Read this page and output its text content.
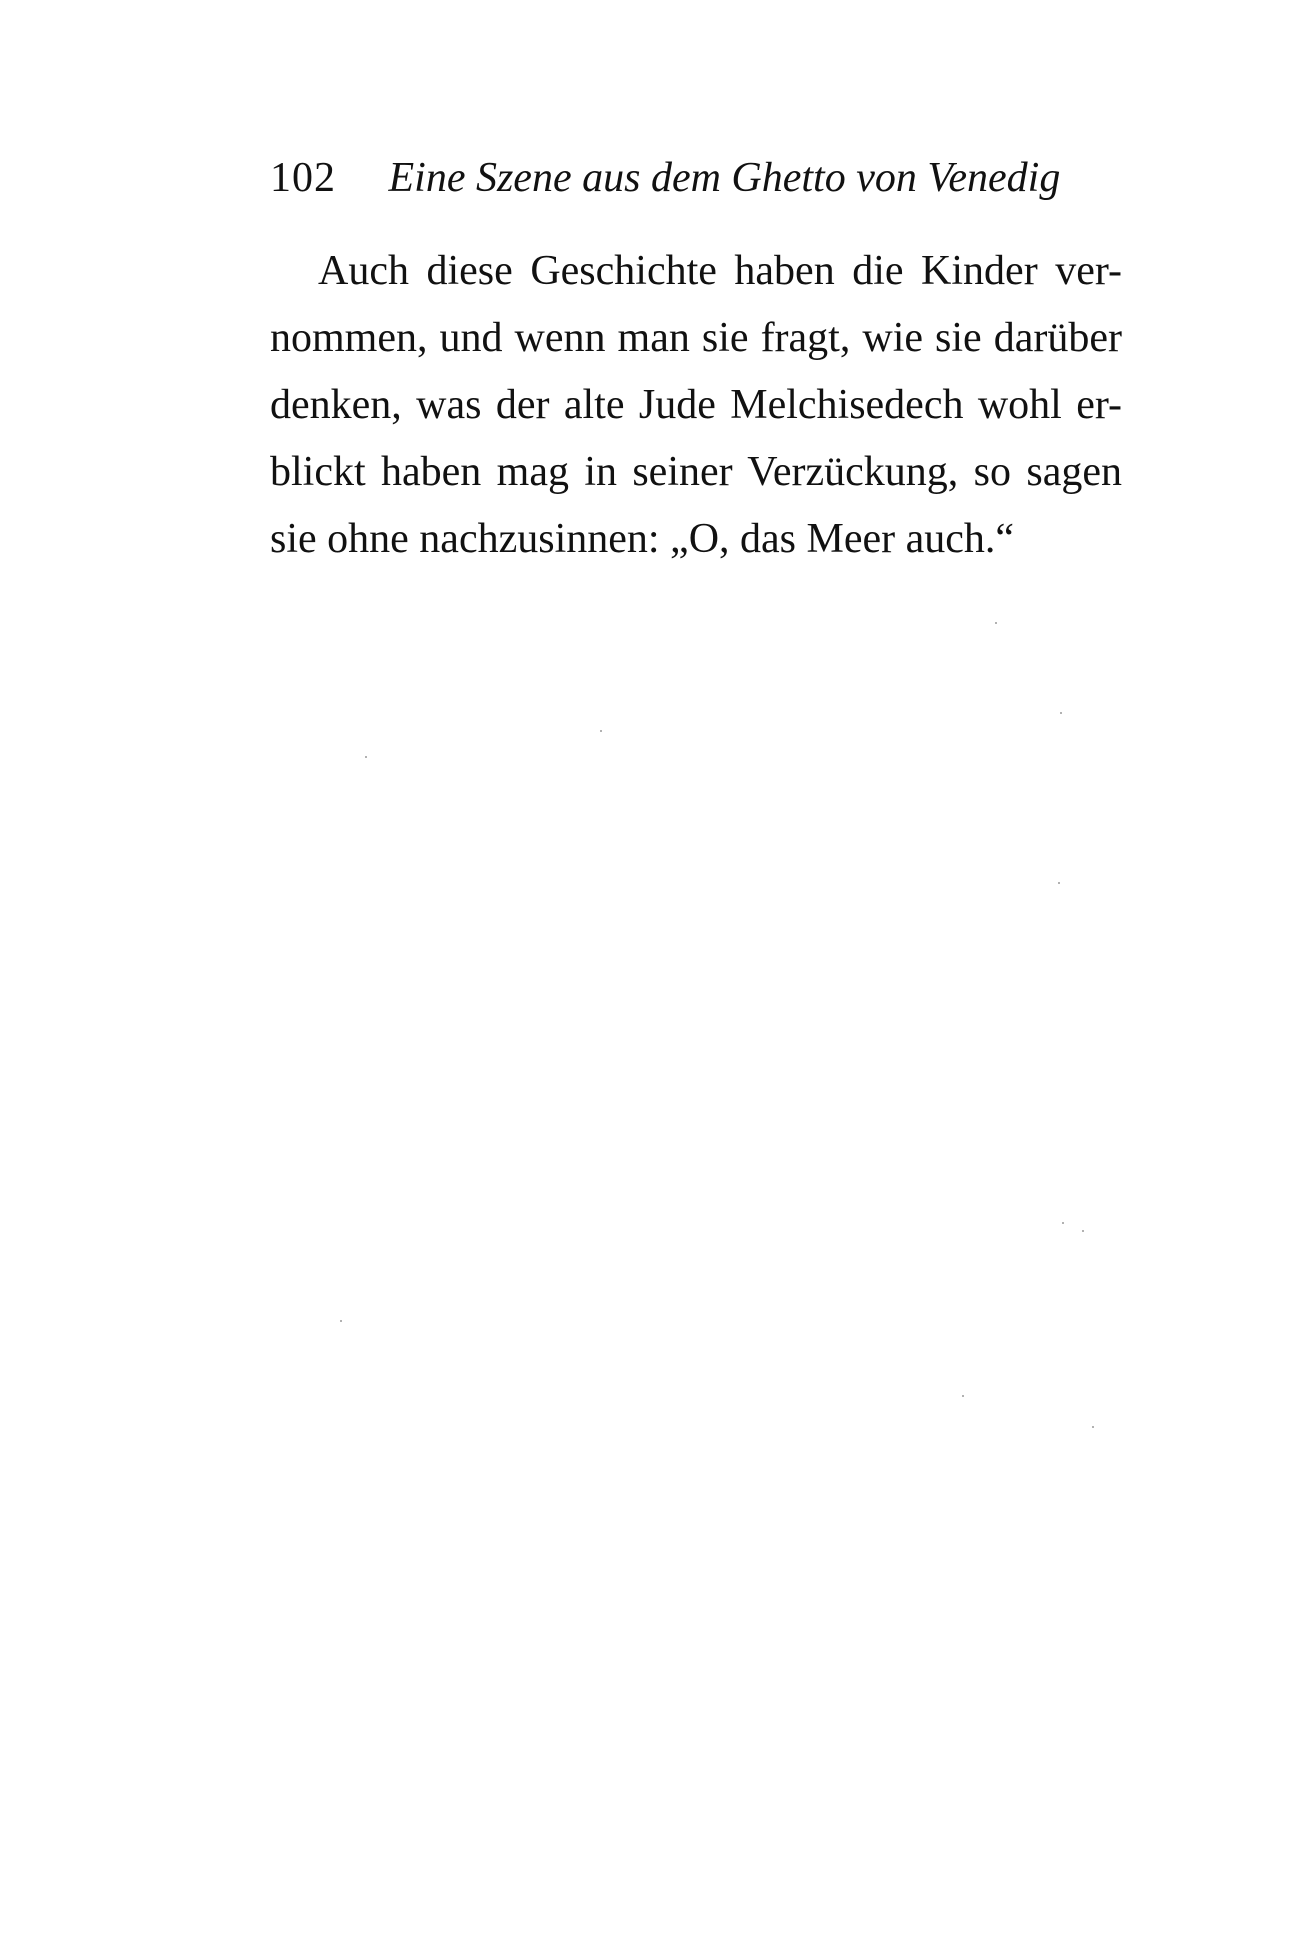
102 Eine Szene aus dem Ghetto von Venedig
Auch diese Geschichte haben die Kinder ver-
nommen, und wenn man sie fragt, wie sie darüber
denken, was der alte Jude Melchisedech wohl er-
blickt haben mag in seiner Verzückung, so sagen
sie ohne nachzusinnen: „O, das Meer auch.“
